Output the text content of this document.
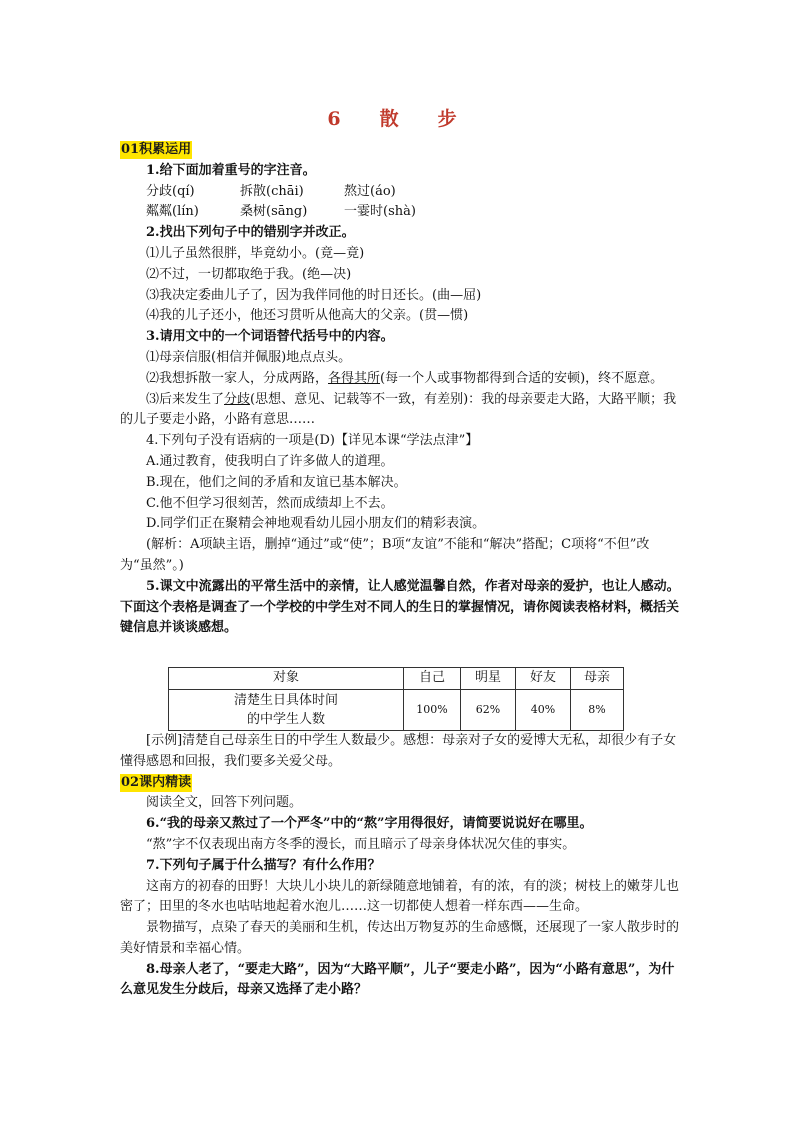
6　散　步

01积累运用

1.给下面加着重号的字注音。

分歧(qí)	拆散(chāi)	熬过(áo)
粼粼(lín)	桑树(sāng)	一霎时(shà)

2.找出下列句子中的错别字并改正。

⑴儿子虽然很胖，毕竟幼小。(竟—竟)

⑵不过，一切都取绝于我。(绝—决)

⑶我决定委曲儿子了，因为我伴同他的时日还长。(曲—屈)

⑷我的儿子还小，他还习贯听从他高大的父亲。(贯—惯)

3.请用文中的一个词语替代括号中的内容。

⑴母亲信服(相信并佩服)地点点头。

⑵我想拆散一家人，分成两路，各得其所(每一个人或事物都得到合适的安顿)，终不愿意。

⑶后来发生了分歧(思想、意见、记载等不一致，有差别)：我的母亲要走大路，大路平顺；我的儿子要走小路，小路有意思……

4.下列句子没有语病的一项是(D)【详见本课“学法点津”】

A.通过教育，使我明白了许多做人的道理。

B.现在，他们之间的矛盾和友谊已基本解决。

C.他不但学习很刻苦，然而成绩却上不去。

D.同学们正在聚精会神地观看幼儿园小朋友们的精彩表演。

(解析：A项缺主语，删掉“通过”或“使”；B项“友谊”不能和“解决”搭配；C项将“不但”改为“虽然”。)

5.课文中流露出的平常生活中的亲情，让人感觉温馨自然，作者对母亲的爱护，也让人感动。下面这个表格是调查了一个学校的中学生对不同人的生日的掌握情况，请你阅读表格材料，概括关键信息并谈谈感想。

对象	自己	明星	好友	母亲
清楚生日具体时间
的中学生人数	100%	62%	40%	8%

[示例]清楚自己母亲生日的中学生人数最少。感想：母亲对子女的爱博大无私，却很少有子女懂得感恩和回报，我们要多关爱父母。

02课内精读

阅读全文，回答下列问题。

6.“我的母亲又熬过了一个严冬”中的“熬”字用得很好，请简要说说好在哪里。

“熬”字不仅表现出南方冬季的漫长，而且暗示了母亲身体状况欠佳的事实。

7.下列句子属于什么描写？有什么作用？

这南方的初春的田野！大块儿小块儿的新绿随意地铺着，有的浓，有的淡；树枝上的嫩芽儿也密了；田里的冬水也咕咕地起着水泡儿……这一切都使人想着一样东西——生命。

景物描写，点染了春天的美丽和生机，传达出万物复苏的生命感慨，还展现了一家人散步时的美好情景和幸福心情。

8.母亲人老了，“要走大路”，因为“大路平顺”，儿子“要走小路”，因为“小路有意思”，为什么意见发生分歧后，母亲又选择了走小路？
